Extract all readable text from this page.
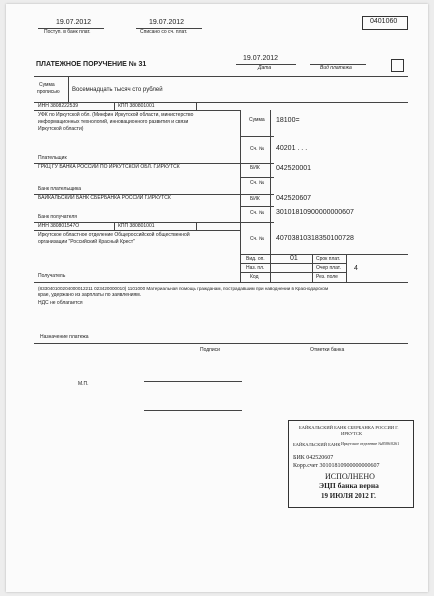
19.07.2012
Поступ. в банк плат.
19.07.2012
Списано со сч. плат.
0401060
ПЛАТЕЖНОЕ ПОРУЧЕНИЕ № 31
19.07.2012
Дата	Вид платежа
Сумма
прописью Восемнадцать тысяч сто рублей
ИНН 3808222539	КПП 380801001
УФК по Иркутской обл. (Минфин Иркутской области, министерство
информационных технологий, инновационного развития и связи
Иркутской области)
Сумма 18100=
Сч. № 40201 . . .
Плательщик
ГРКЦ ГУ БАНКА РОССИИ ПО ИРКУТСКОЙ ОБЛ. Г.ИРКУТСК	БИК 042520001
Сч. №
Банк плательщика
БАЙКАЛЬСКИЙ БАНК СБЕРБАНКА РОССИИ Г.ИРКУТСК	БИК 042520607
Сч. № 30101810900000000607
Банк получателя
ИНН 380801547О	КПП 380801001
Иркутское областное отделение Общероссийской общественной
организации "Российский Красный Крест"	Сч. № 40703810318350100728
Вид. оп.	01	Срок плат.
Наз. пл.	Очер плат. 4
Код	Рез. поле
Получатель
(833040100204000012211 023420000010) 1101000 Материальная помощь гражданам, пострадавшим при наводнении в Краснодарском
крае, удержано из зарплаты по заявлениям.
НДС не облагается
Назначение платежа
Подписи	Отметки банка
М.П.
БАЙКАЛЬСКИЙ БАНК СБЕРБАНКА РОССИИ Г.
ИРКУТСК
БАЙКАЛЬСКИЙ БАНК Иркутское отделение №8586/0261
БИК 042520607
Корр.счет 30101810900000000607
ИСПОЛНЕНО
ЭЦП банка верна
19 ИЮЛЯ 2012 Г.
